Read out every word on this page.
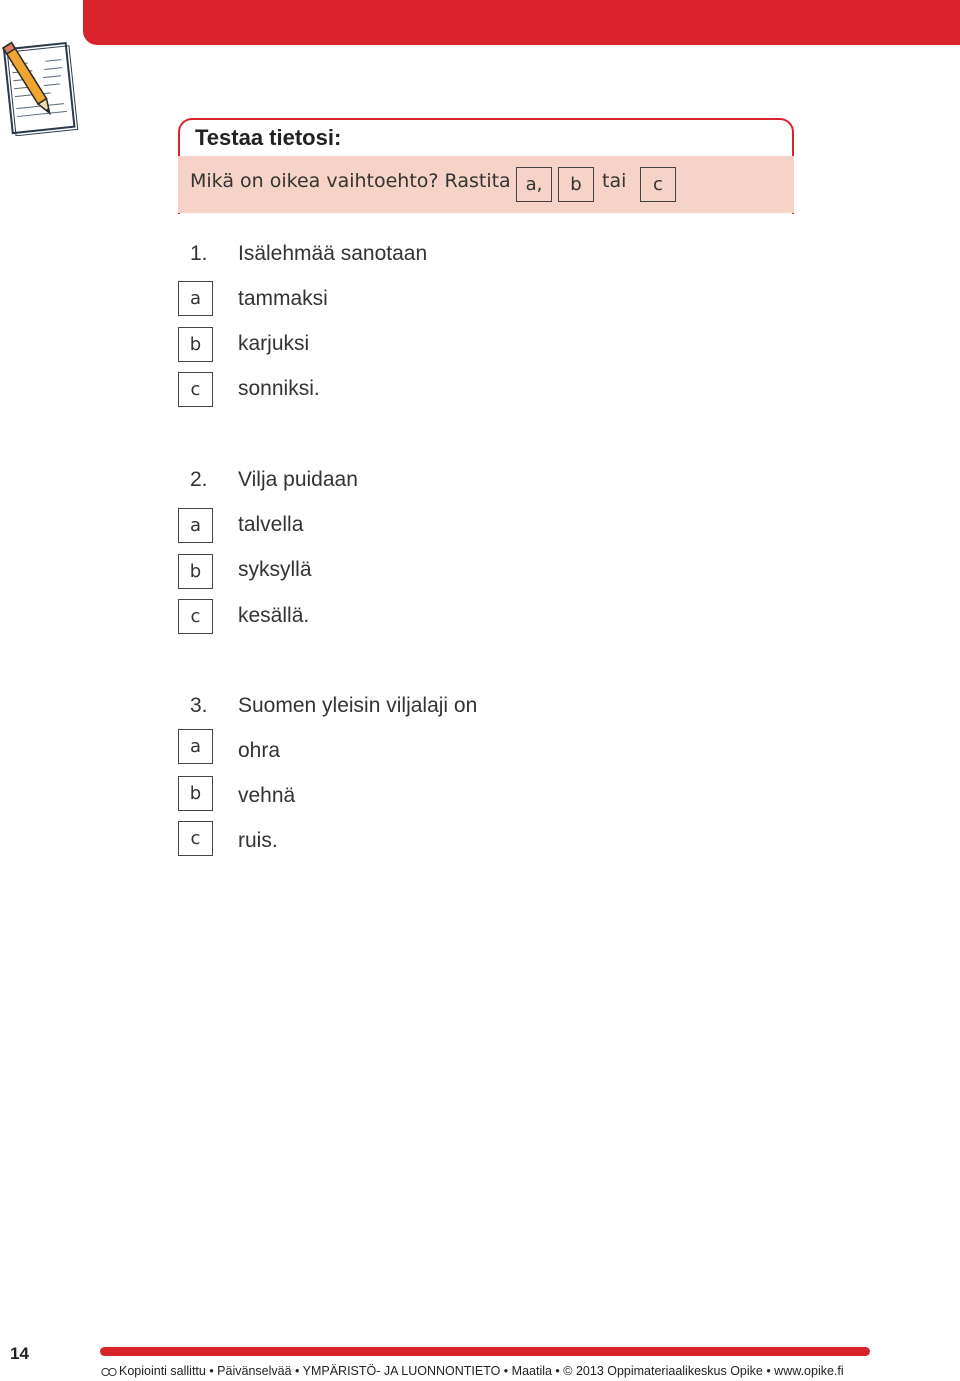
Testaa tietosi:
Mikä on oikea vaihtoehto? Rastita a,	b	tai	c
1. Isälehmää sanotaan
a	tammaksi
b	karjuksi
c	sonniksi.
2. Vilja puidaan
a	talvella
b	syksyllä
c	kesällä.
3. Suomen yleisin viljalaji on
a	ohra
b	vehnä
c	ruis.
14
Kopiointi sallittu • Päivänselvää • YMPÄRISTÖ- JA LUONNONTIETO • Maatila • © 2013 Oppimateriaalikeskus Opike • www.opike.fi
